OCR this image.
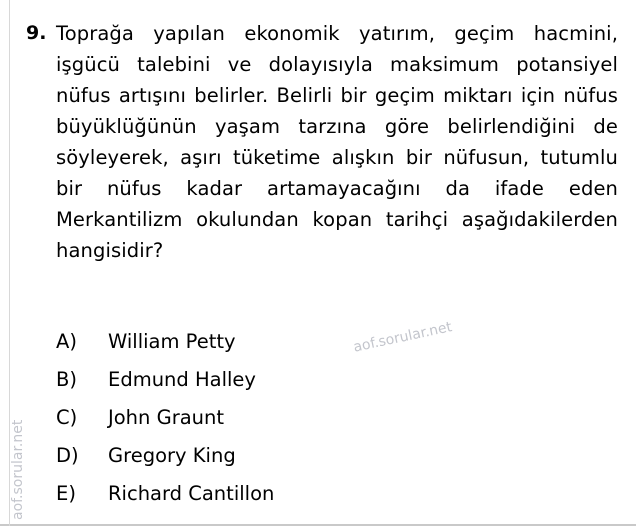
9. Toprağa yapılan ekonomik yatırım, geçim hacmini, işgücü talebini ve dolayısıyla maksimum potansiyel nüfus artışını belirler. Belirli bir geçim miktarı için nüfus büyüklüğünün yaşam tarzına göre belirlendiğini de söyleyerek, aşırı tüketime alışkın bir nüfusun, tutumlu bir nüfus kadar artamayacağını da ifade eden Merkantilizm okulundan kopan tarihçi aşağıdakilerden hangisidir?
A)	William Petty
B)	Edmund Halley
C)	John Graunt
D)	Gregory King
E)	Richard Cantillon
aof.sorular.net
aof.sorular.net
